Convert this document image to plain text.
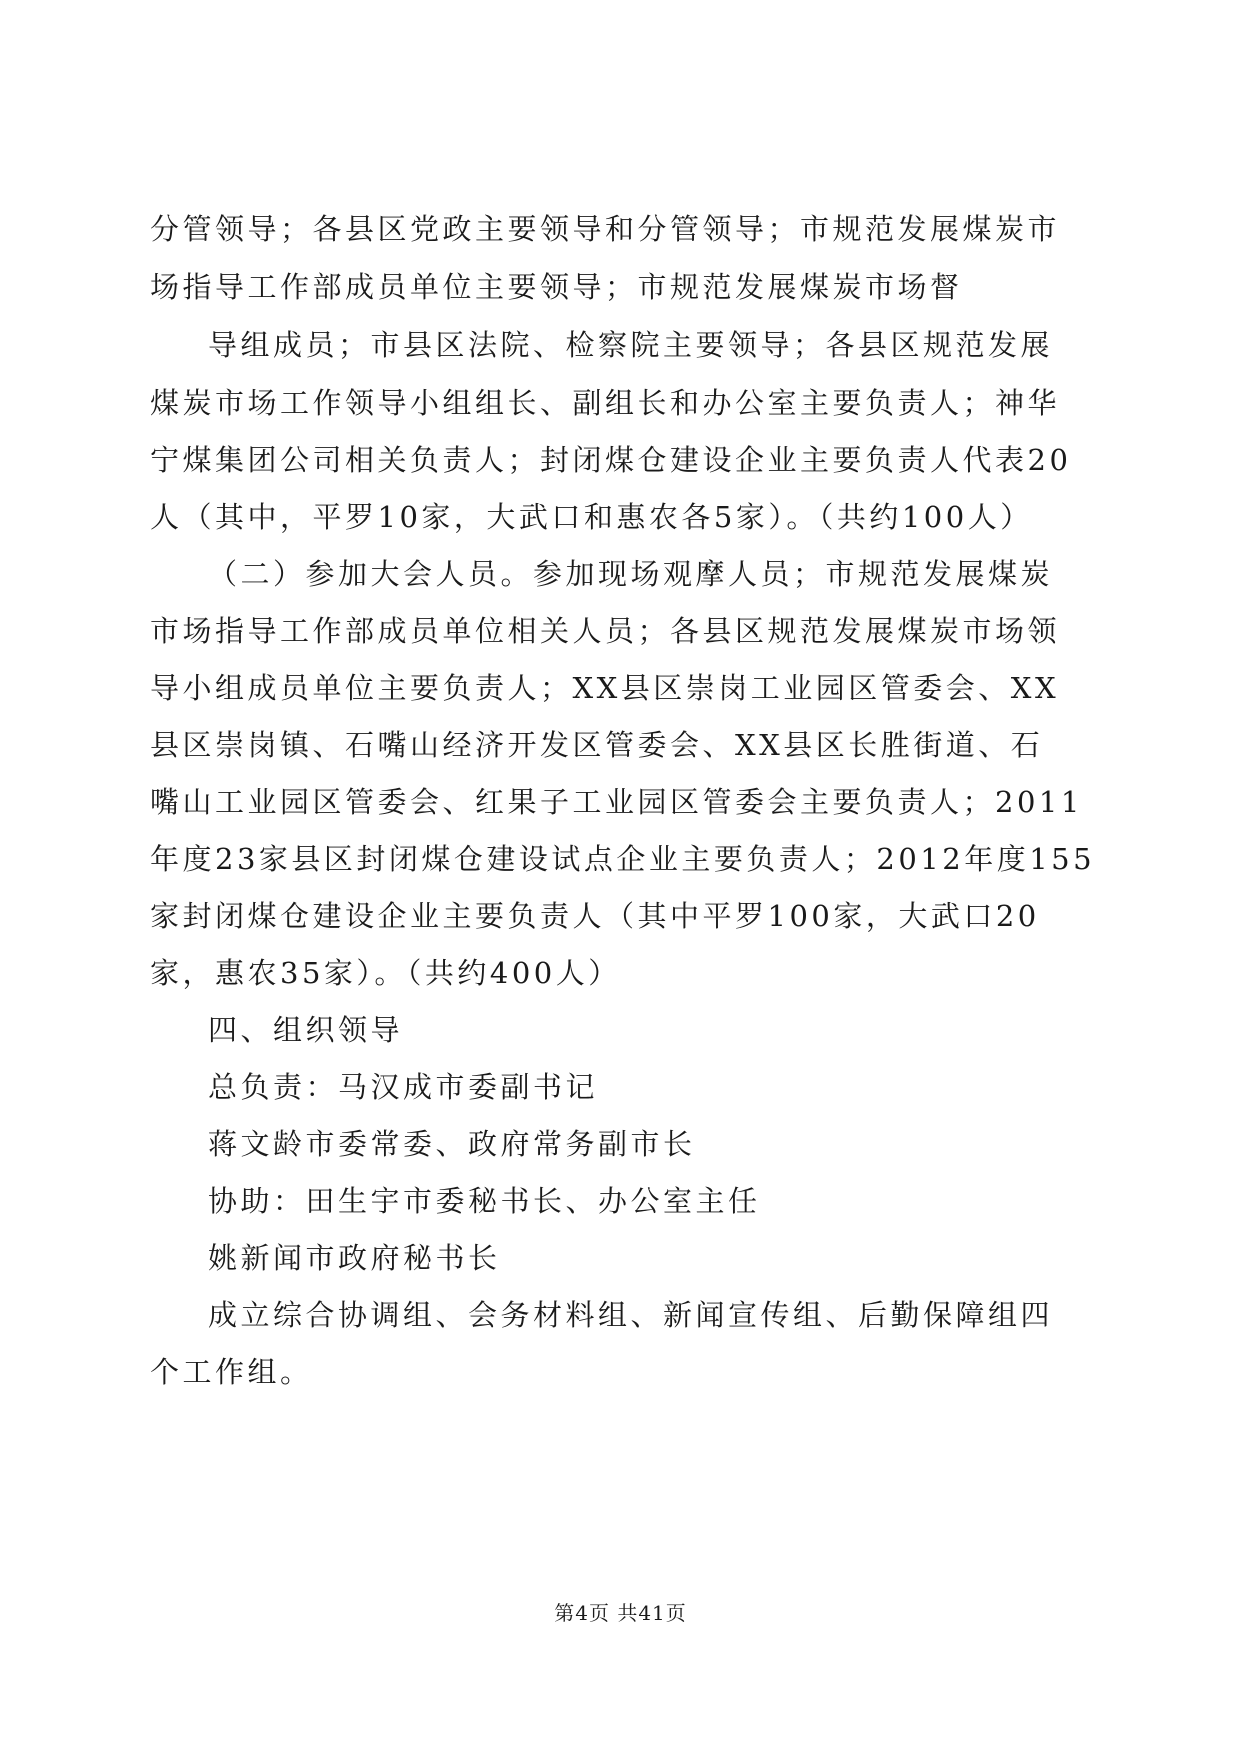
分管领导；各县区党政主要领导和分管领导；市规范发展煤炭市
场指导工作部成员单位主要领导；市规范发展煤炭市场督
导组成员；市县区法院、检察院主要领导；各县区规范发展
煤炭市场工作领导小组组长、副组长和办公室主要负责人；神华
宁煤集团公司相关负责人；封闭煤仓建设企业主要负责人代表20
人（其中，平罗10家，大武口和惠农各5家）。（共约100人）
（二）参加大会人员。参加现场观摩人员；市规范发展煤炭
市场指导工作部成员单位相关人员；各县区规范发展煤炭市场领
导小组成员单位主要负责人；XX县区崇岗工业园区管委会、XX
县区崇岗镇、石嘴山经济开发区管委会、XX县区长胜街道、石
嘴山工业园区管委会、红果子工业园区管委会主要负责人；2011
年度23家县区封闭煤仓建设试点企业主要负责人；2012年度155
家封闭煤仓建设企业主要负责人（其中平罗100家，大武口20
家，惠农35家）。（共约400人）
四、组织领导
总负责：马汉成市委副书记
蒋文龄市委常委、政府常务副市长
协助：田生宇市委秘书长、办公室主任
姚新闻市政府秘书长
成立综合协调组、会务材料组、新闻宣传组、后勤保障组四
个工作组。
第4页 共41页
